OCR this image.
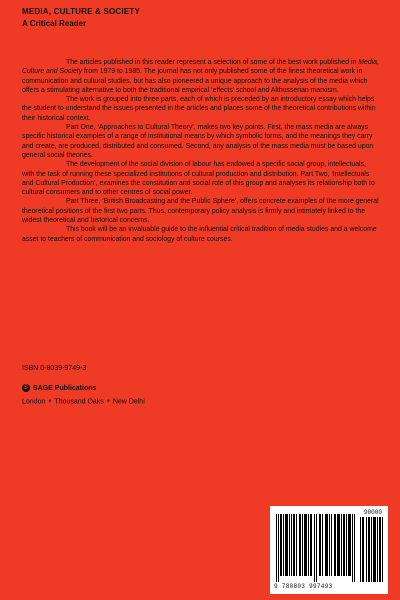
MEDIA, CULTURE & SOCIETY
A Critical Reader

The articles published in this reader represent a selection of some of the best work published in Media, Culture and Society from 1979 to 1985. The journal has not only published some of the finest theoretical work in communication and cultural studies, but has also pioneered a unique approach to the analysis of the media which offers a stimulating alternative to both the traditional empirical ‘effects’ school and Althusserian marxism.

The work is grouped into three parts, each of which is preceded by an introductory essay which helps the student to understand the issues presented in the articles and places some of the theoretical contributions within their historical context.

Part One, ‘Approaches to Cultural Theory’, makes two key points. First, the mass media are always specific historical examples of a range of institutional means by which symbolic forms, and the meanings they carry and create, are produced, distributed and consumed. Second, any analysis of the mass media must be based upon general social theories.

The development of the social division of labour has endowed a specific social group, intellectuals, with the task of running these specialized institutions of cultural production and distribution. Part Two, ‘Intellectuals and Cultural Production’, examines the constitution and social role of this group and analyses its relationship both to cultural consumers and to other centres of social power.

Part Three, ‘British Broadcasting and the Public Sphere’, offers concrete examples of the more general theoretical positions of the first two parts. Thus, contemporary policy analysis is firmly and intimately linked to the widest theoretical and historical concerns.

This book will be an invaluable guide to the influential critical tradition of media studies and a welcome asset to teachers of communication and sociology of culture courses.

ISBN 0-8039-9749-3
S SAGE Publications
London ● Thousand Oaks ● New Delhi
90000
9 780803 997493
